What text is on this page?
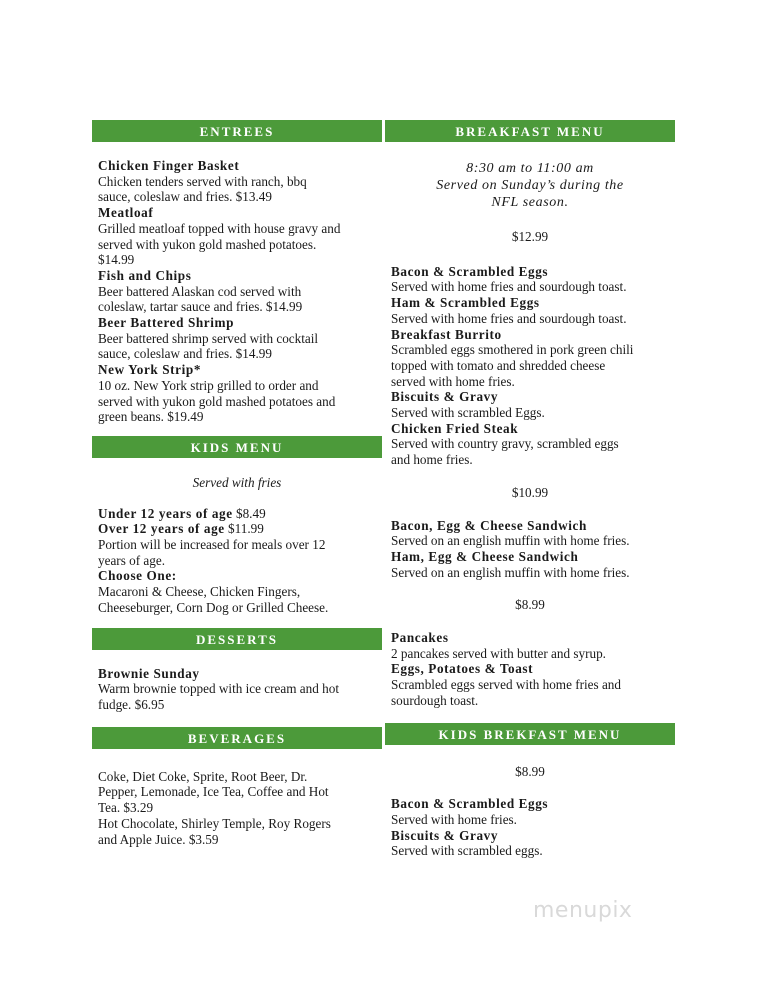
ENTREES
Chicken Finger Basket
Chicken tenders served with ranch, bbq
sauce, coleslaw and fries. $13.49
Meatloaf
Grilled meatloaf topped with house gravy and
served with yukon gold mashed potatoes.
$14.99
Fish and Chips
Beer battered Alaskan cod served with
coleslaw, tartar sauce and fries. $14.99
Beer Battered Shrimp
Beer battered shrimp served with cocktail
sauce, coleslaw and fries. $14.99
New York Strip*
10 oz. New York strip grilled to order and
served with yukon gold mashed potatoes and
green beans. $19.49
KIDS MENU
Served with fries
Under 12 years of age $8.49
Over 12 years of age $11.99
Portion will be increased for meals over 12
years of age.
Choose One:
Macaroni & Cheese, Chicken Fingers,
Cheeseburger, Corn Dog or Grilled Cheese.
DESSERTS
Brownie Sunday
Warm brownie topped with ice cream and hot
fudge. $6.95
BEVERAGES
Coke, Diet Coke, Sprite, Root Beer, Dr.
Pepper, Lemonade, Ice Tea, Coffee and Hot
Tea. $3.29
Hot Chocolate, Shirley Temple, Roy Rogers
and Apple Juice. $3.59
BREAKFAST MENU
8:30 am to 11:00 am
Served on Sunday’s during the
NFL season.
$12.99
Bacon & Scrambled Eggs
Served with home fries and sourdough toast.
Ham & Scrambled Eggs
Served with home fries and sourdough toast.
Breakfast Burrito
Scrambled eggs smothered in pork green chili
topped with tomato and shredded cheese
served with home fries.
Biscuits & Gravy
Served with scrambled Eggs.
Chicken Fried Steak
Served with country gravy, scrambled eggs
and home fries.
$10.99
Bacon, Egg & Cheese Sandwich
Served on an english muffin with home fries.
Ham, Egg & Cheese Sandwich
Served on an english muffin with home fries.
$8.99
Pancakes
2 pancakes served with butter and syrup.
Eggs, Potatoes & Toast
Scrambled eggs served with home fries and
sourdough toast.
KIDS BREKFAST MENU
$8.99
Bacon & Scrambled Eggs
Served with home fries.
Biscuits & Gravy
Served with scrambled eggs.
menupix
